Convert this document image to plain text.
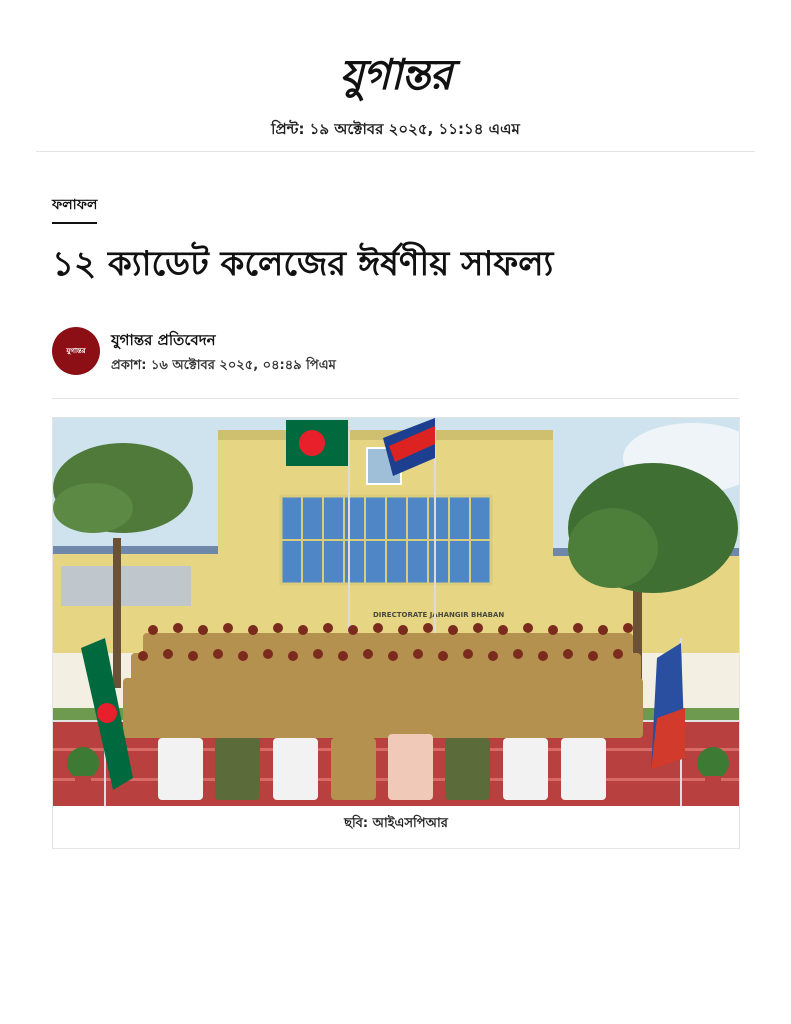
যুগান্তর
প্রিন্ট: ১৯ অক্টোবর ২০২৫, ১১:১৪ এএম
ফলাফল
১২ ক্যাডেট কলেজের ঈর্ষণীয় সাফল্য
যুগান্তর
যুগান্তর প্রতিবেদন
প্রকাশ: ১৬ অক্টোবর ২০২৫, ০৪:৪৯ পিএম
DIRECTORATE JAHANGIR BHABAN
ছবি: আইএসপিআর
